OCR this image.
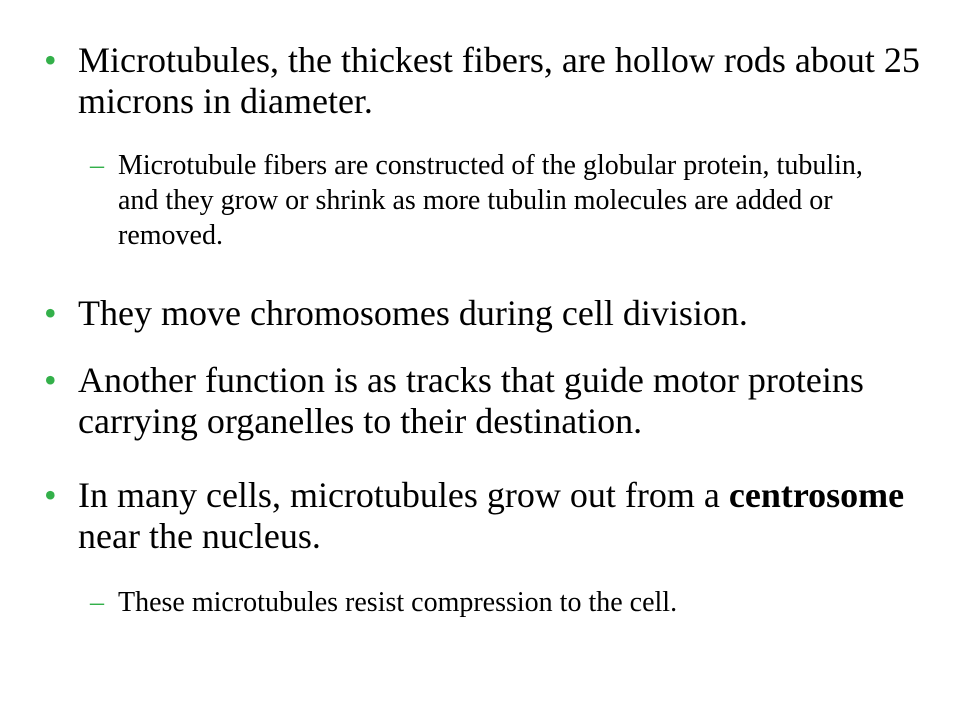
• Microtubules, the thickest fibers, are hollow rods about 25 microns in diameter.
– Microtubule fibers are constructed of the globular protein, tubulin, and they grow or shrink as more tubulin molecules are added or removed.
• They move chromosomes during cell division.
• Another function is as tracks that guide motor proteins carrying organelles to their destination.
• In many cells, microtubules grow out from a centrosome near the nucleus.
– These microtubules resist compression to the cell.
